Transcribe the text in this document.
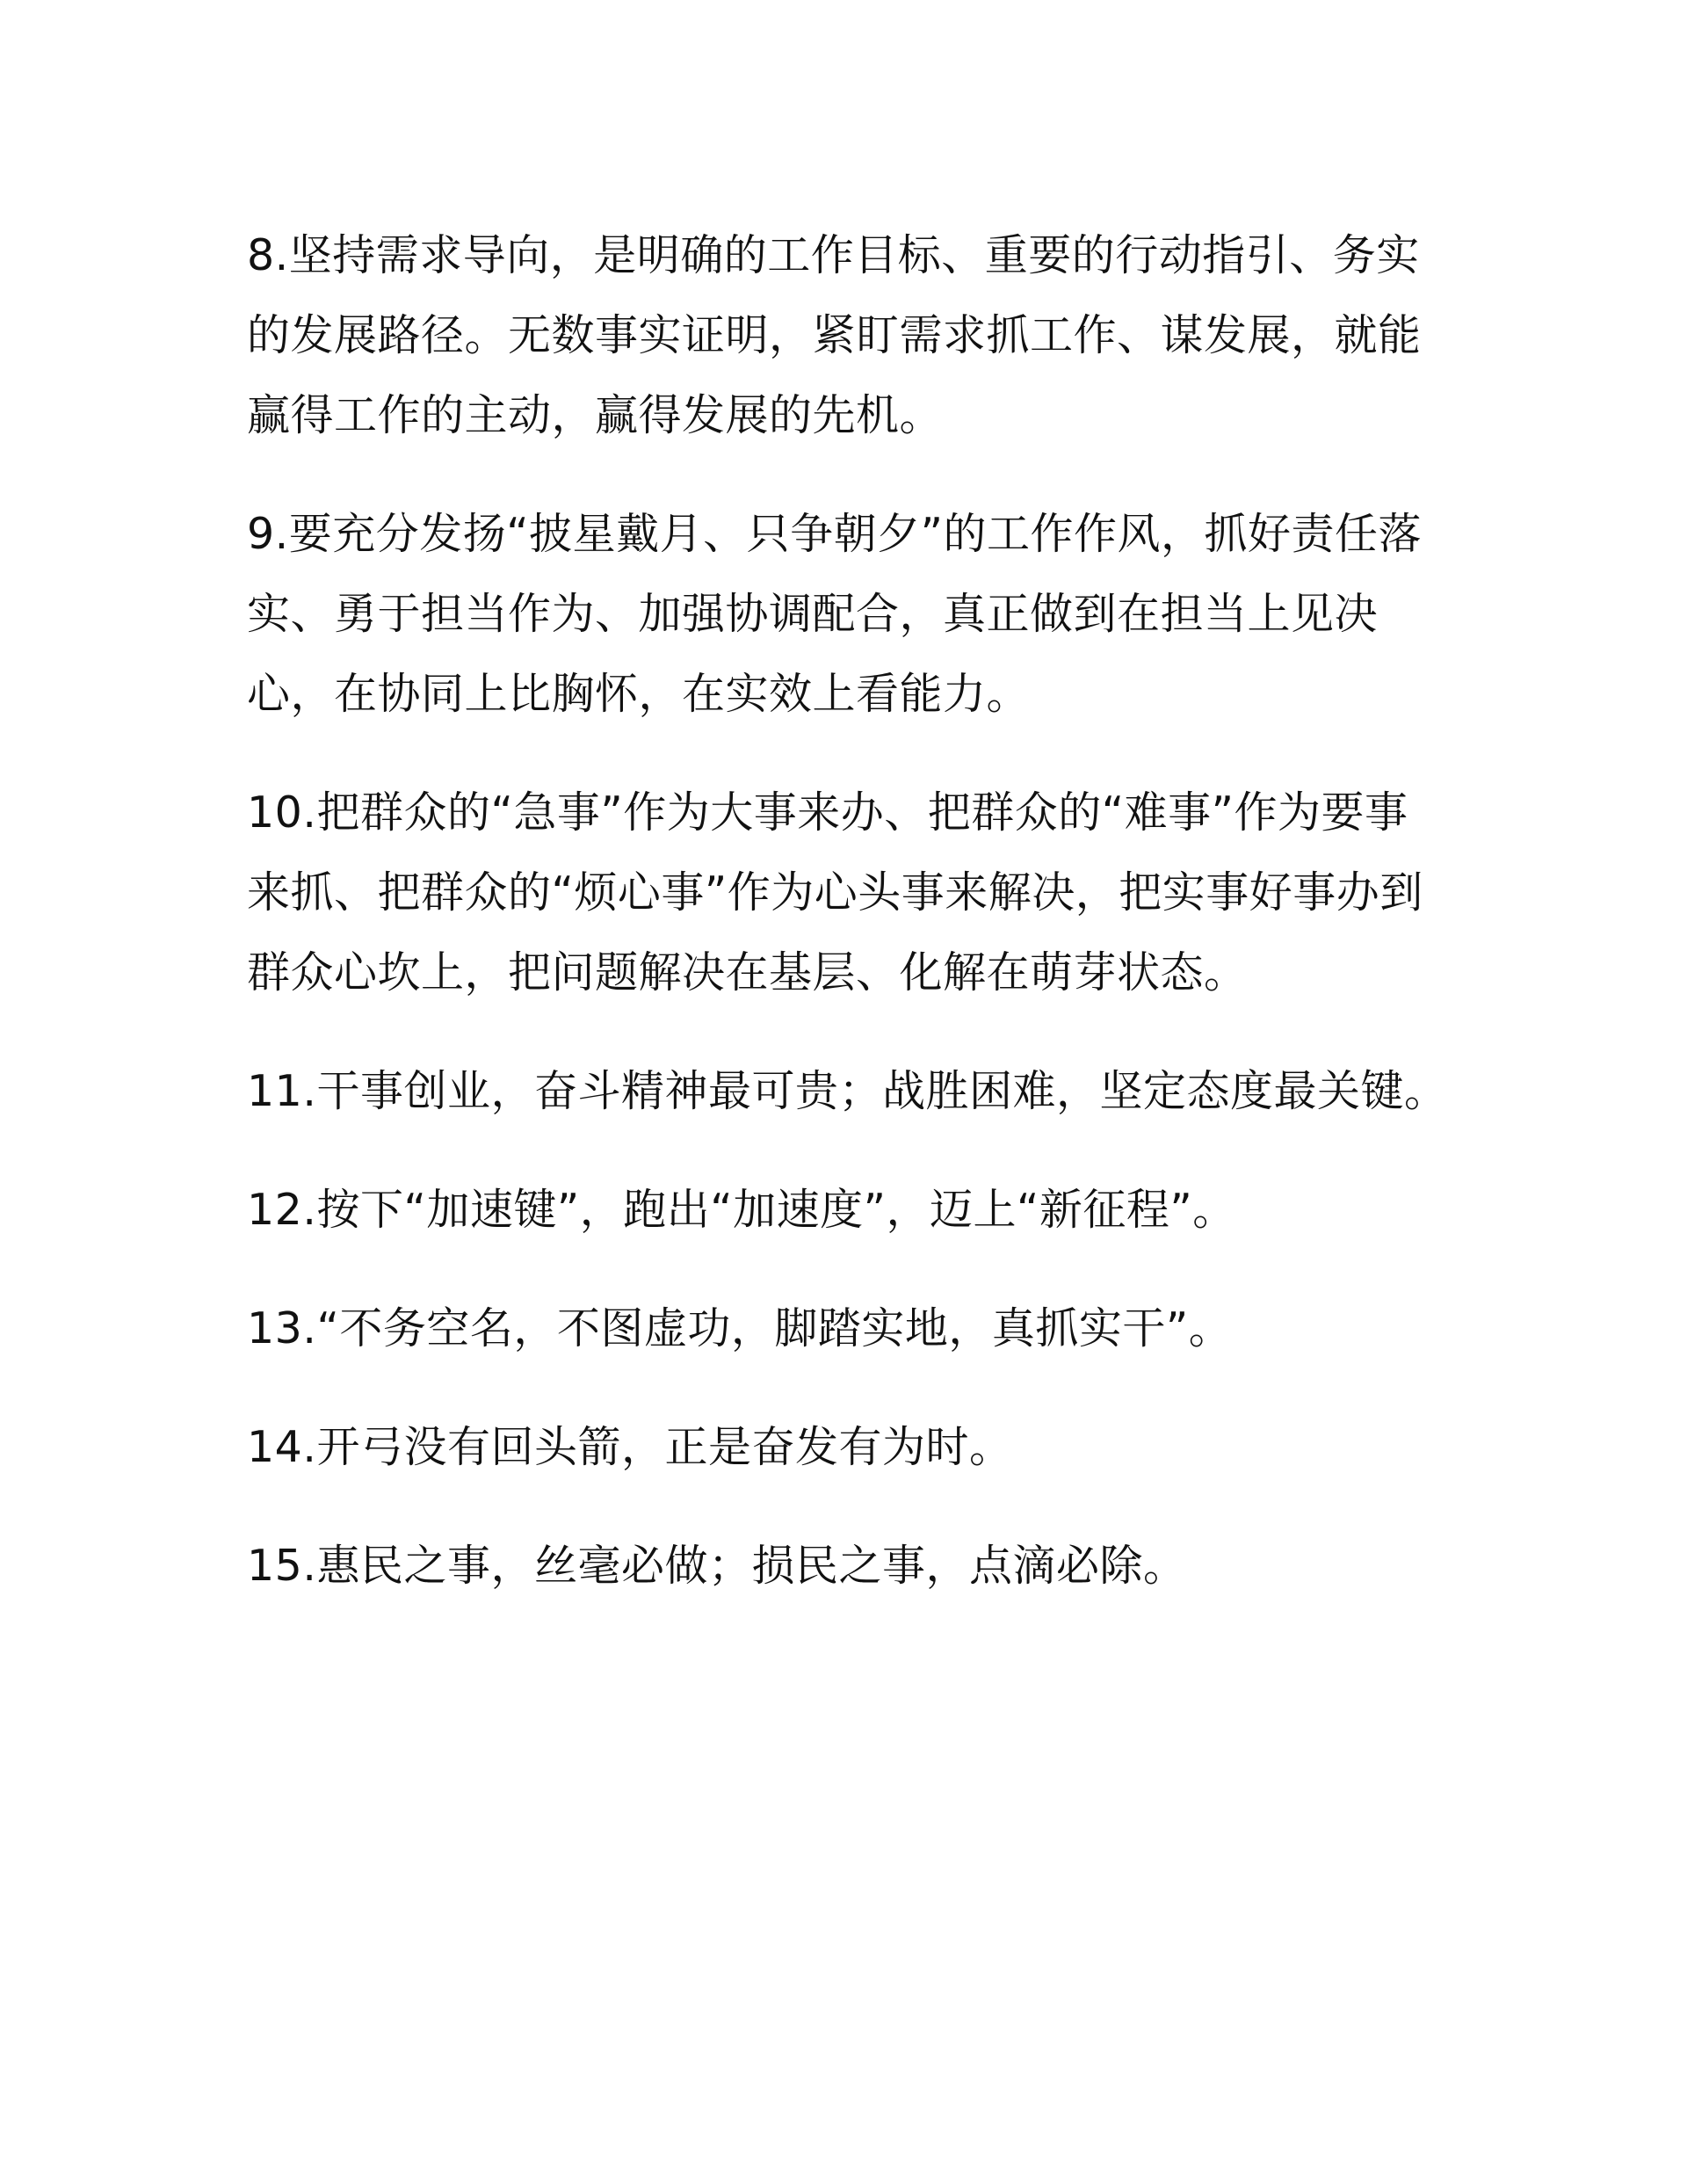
8.坚持需求导向，是明确的工作目标、重要的行动指引、务实的发展路径。无数事实证明，紧盯需求抓工作、谋发展，就能赢得工作的主动，赢得发展的先机。

9.要充分发扬“披星戴月、只争朝夕”的工作作风，抓好责任落实、勇于担当作为、加强协调配合，真正做到在担当上见决心，在协同上比胸怀，在实效上看能力。

10.把群众的“急事”作为大事来办、把群众的“难事”作为要事来抓、把群众的“烦心事”作为心头事来解决，把实事好事办到群众心坎上，把问题解决在基层、化解在萌芽状态。

11.干事创业，奋斗精神最可贵；战胜困难，坚定态度最关键。

12.按下“加速键”，跑出“加速度”，迈上“新征程”。

13.“不务空名，不图虚功，脚踏实地，真抓实干”。

14.开弓没有回头箭，正是奋发有为时。

15.惠民之事，丝毫必做；损民之事，点滴必除。
